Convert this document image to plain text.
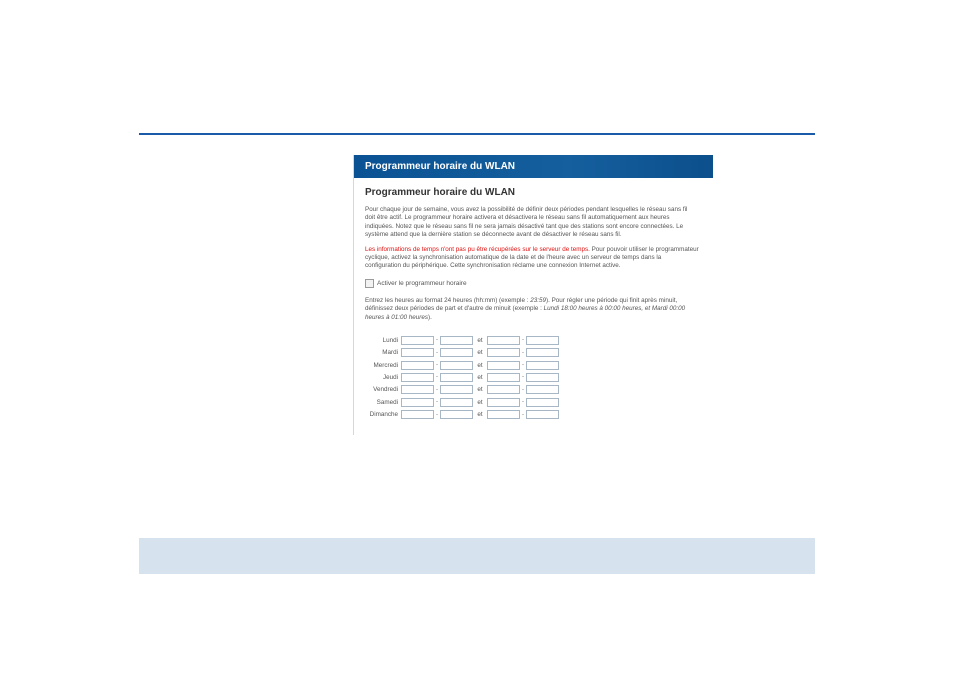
Programmeur horaire du WLAN
Programmeur horaire du WLAN

Pour chaque jour de semaine, vous avez la possibilité de définir deux périodes pendant lesquelles le réseau sans fil doit être actif. Le programmeur horaire activera et désactivera le réseau sans fil automatiquement aux heures indiquées. Notez que le réseau sans fil ne sera jamais désactivé tant que des stations sont encore connectées. Le système attend que la dernière station se déconnecte avant de désactiver le réseau sans fil.

Les informations de temps n'ont pas pu être récupérées sur le serveur de temps. Pour pouvoir utiliser le programmateur cyclique, activez la synchronisation automatique de la date et de l'heure avec un serveur de temps dans la configuration du périphérique. Cette synchronisation réclame une connexion Internet active.

Activer le programmeur horaire

Entrez les heures au format 24 heures (hh:mm) (exemple : 23:59). Pour régler une période qui finit après minuit, définissez deux périodes de part et d'autre de minuit (exemple : Lundi 18:00 heures à 00:00 heures, et Mardi 00:00 heures à 01:00 heures).

Lundi	-	et	-
Mardi	-	et	-
Mercredi	-	et	-
Jeudi	-	et	-
Vendredi	-	et	-
Samedi	-	et	-
Dimanche	-	et	-
